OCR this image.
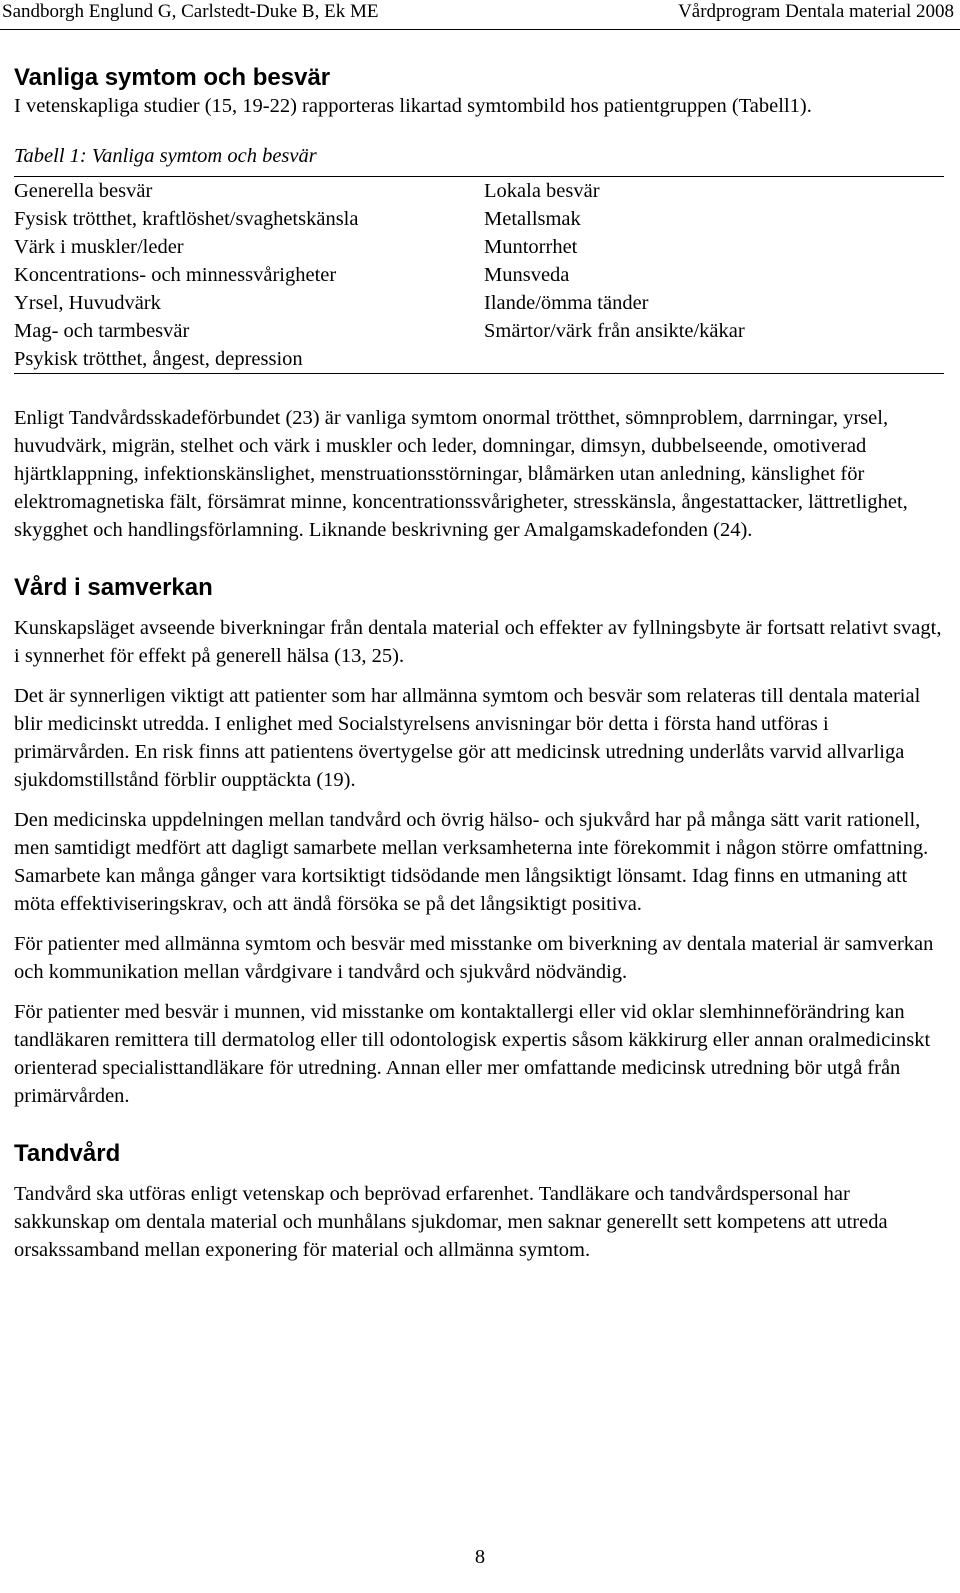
Sandborgh Englund G, Carlstedt-Duke B, Ek ME	Vårdprogram Dentala material 2008
Vanliga symtom och besvär

I vetenskapliga studier (15, 19-22) rapporteras likartad symtombild hos patientgruppen (Tabell1).

Tabell 1: Vanliga symtom och besvär
Generella besvär	Lokala besvär
Fysisk trötthet, kraftlöshet/svaghetskänsla	Metallsmak
Värk i muskler/leder	Muntorrhet
Koncentrations- och minnessvårigheter	Munsveda
Yrsel, Huvudvärk	Ilande/ömma tänder
Mag- och tarmbesvär	Smärtor/värk från ansikte/käkar
Psykisk trötthet, ångest, depression	

Enligt Tandvårdsskadeförbundet (23) är vanliga symtom onormal trötthet, sömnproblem, darrningar, yrsel, huvudvärk, migrän, stelhet och värk i muskler och leder, domningar, dimsyn, dubbelseende, omotiverad hjärtklappning, infektionskänslighet, menstruationsstörningar, blåmärken utan anledning, känslighet för elektromagnetiska fält, försämrat minne, koncentrationssvårigheter, stresskänsla, ångestattacker, lättretlighet, skygghet och handlingsförlamning. Liknande beskrivning ger Amalgamskadefonden (24).

Vård i samverkan

Kunskapsläget avseende biverkningar från dentala material och effekter av fyllningsbyte är fortsatt relativt svagt, i synnerhet för effekt på generell hälsa (13, 25).

Det är synnerligen viktigt att patienter som har allmänna symtom och besvär som relateras till dentala material blir medicinskt utredda. I enlighet med Socialstyrelsens anvisningar bör detta i första hand utföras i primärvården. En risk finns att patientens övertygelse gör att medicinsk utredning underlåts varvid allvarliga sjukdomstillstånd förblir oupptäckta (19).

Den medicinska uppdelningen mellan tandvård och övrig hälso- och sjukvård har på många sätt varit rationell, men samtidigt medfört att dagligt samarbete mellan verksamheterna inte förekommit i någon större omfattning. Samarbete kan många gånger vara kortsiktigt tidsödande men långsiktigt lönsamt. Idag finns en utmaning att möta effektiviseringskrav, och att ändå försöka se på det långsiktigt positiva.

För patienter med allmänna symtom och besvär med misstanke om biverkning av dentala material är samverkan och kommunikation mellan vårdgivare i tandvård och sjukvård nödvändig.

För patienter med besvär i munnen, vid misstanke om kontaktallergi eller vid oklar slemhinneförändring kan tandläkaren remittera till dermatolog eller till odontologisk expertis såsom käkkirurg eller annan oralmedicinskt orienterad specialisttandläkare för utredning. Annan eller mer omfattande medicinsk utredning bör utgå från primärvården.

Tandvård

Tandvård ska utföras enligt vetenskap och beprövad erfarenhet. Tandläkare och tandvårdspersonal har sakkunskap om dentala material och munhålans sjukdomar, men saknar generellt sett kompetens att utreda orsakssamband mellan exponering för material och allmänna symtom.

8
